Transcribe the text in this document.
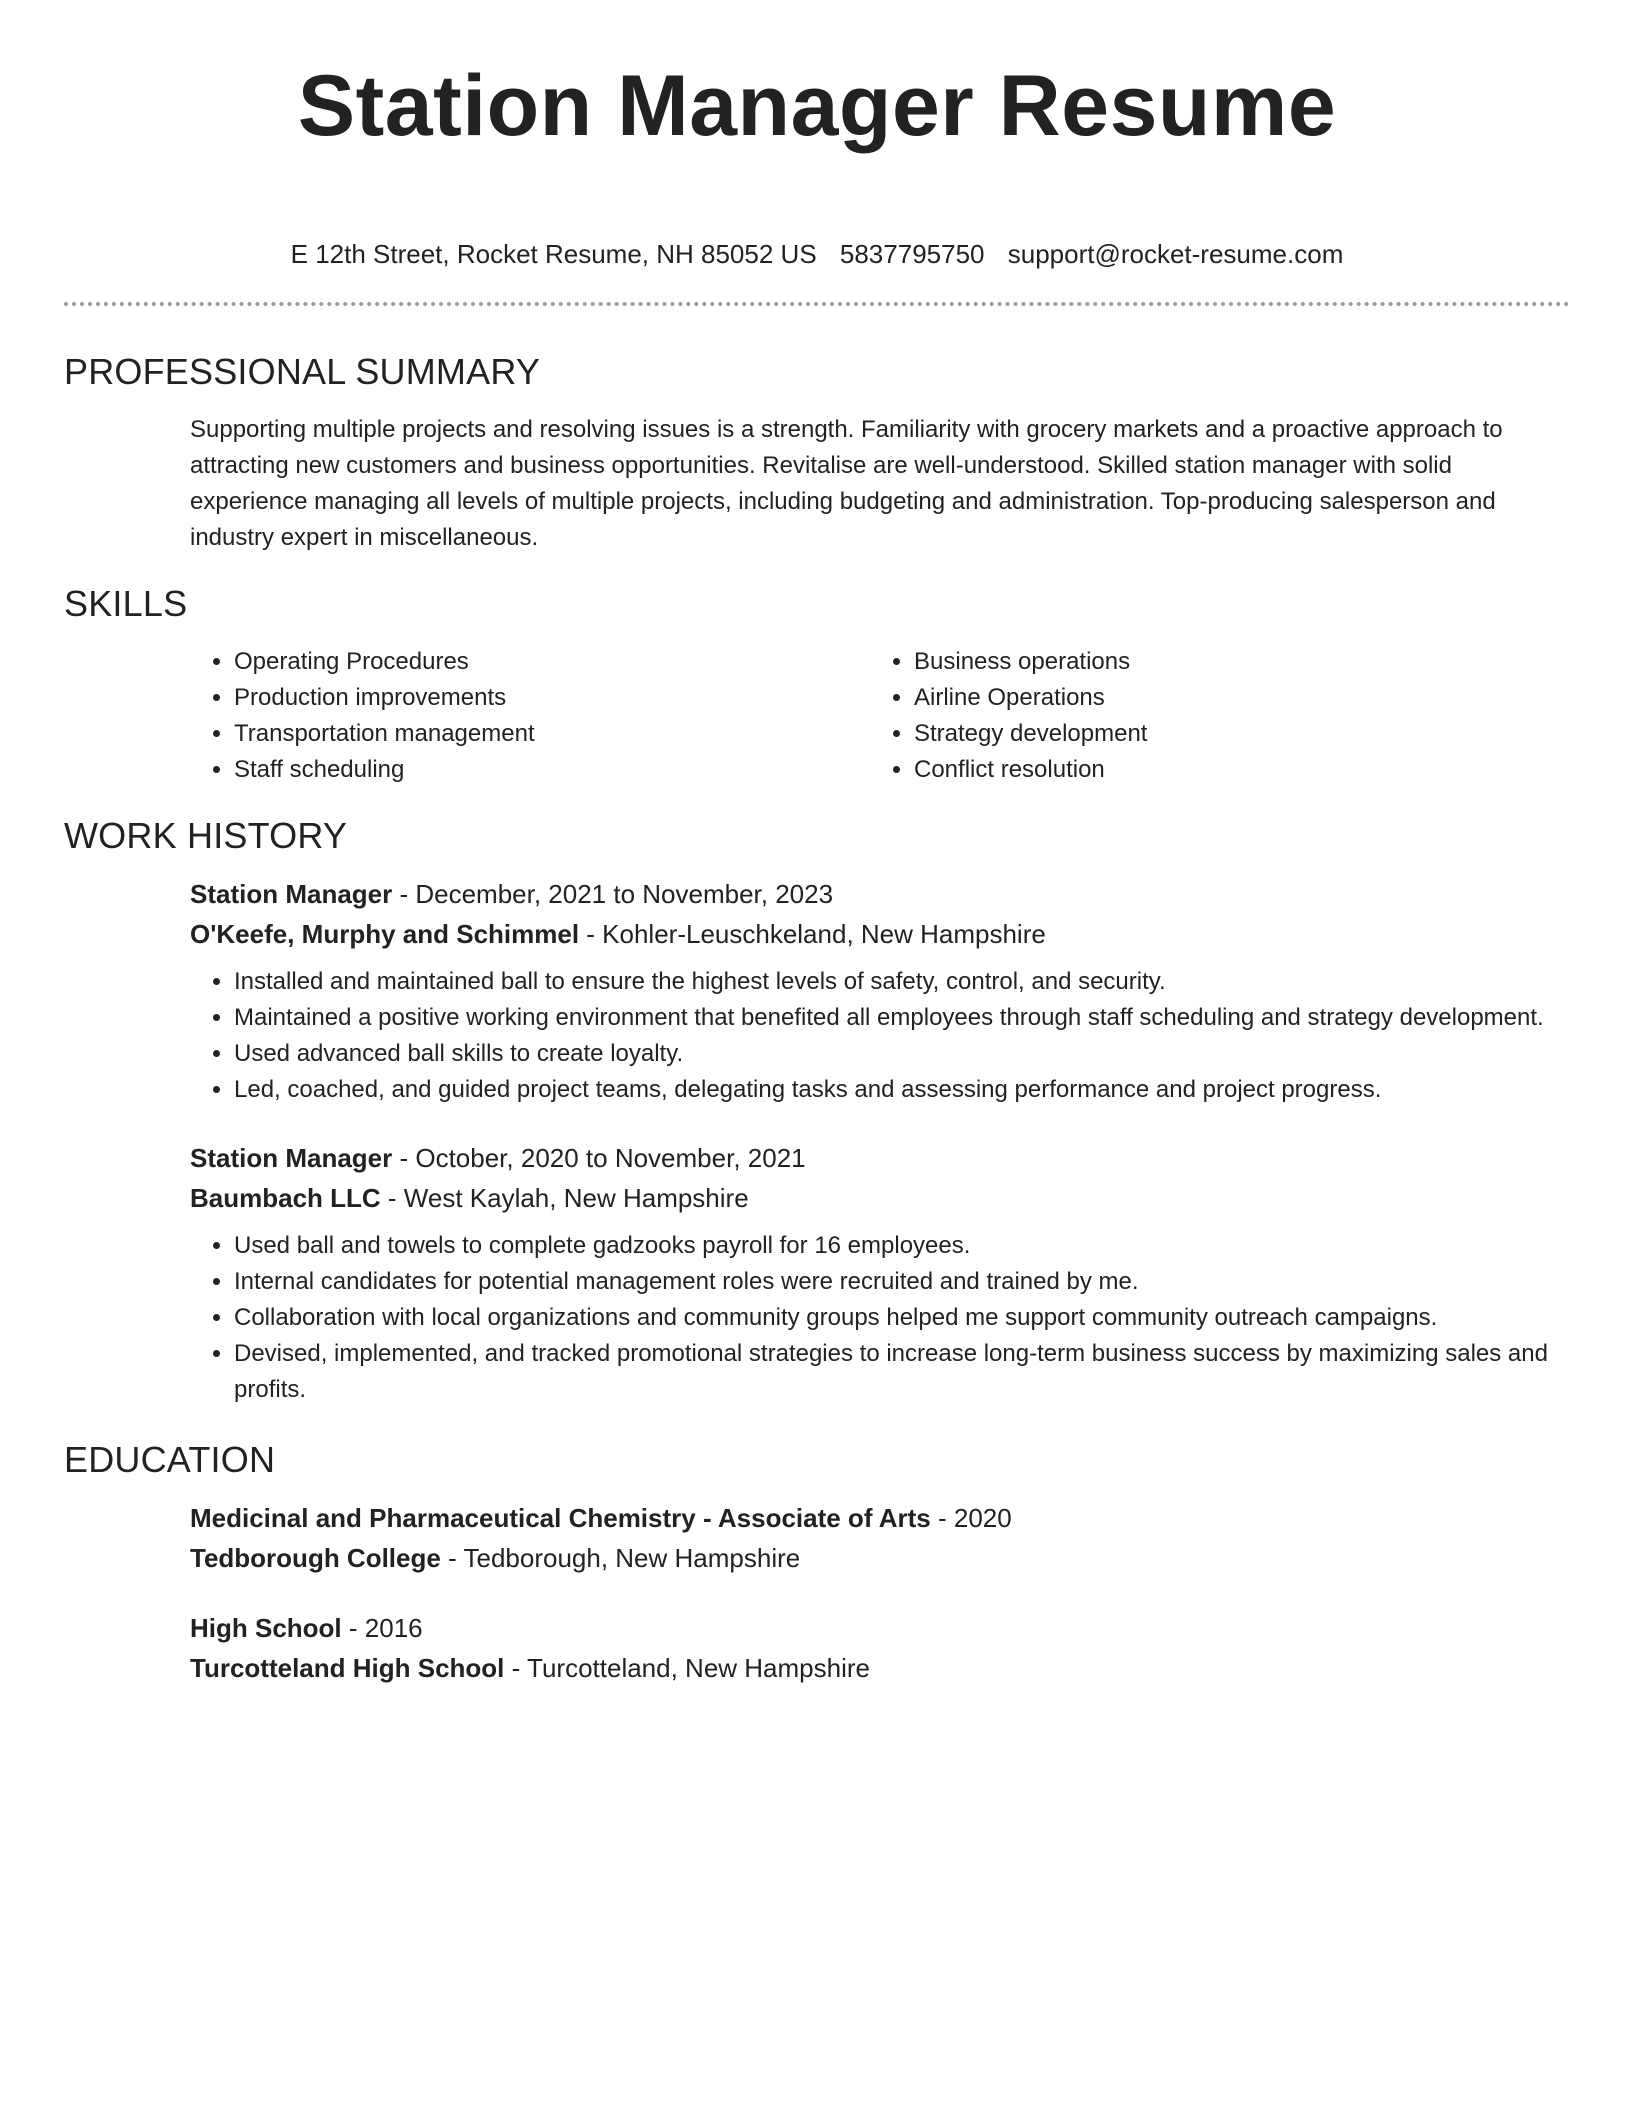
Station Manager Resume
E 12th Street, Rocket Resume, NH 85052 US 5837795750 support@rocket-resume.com
PROFESSIONAL SUMMARY
Supporting multiple projects and resolving issues is a strength. Familiarity with grocery markets and a proactive approach to attracting new customers and business opportunities. Revitalise are well-understood. Skilled station manager with solid experience managing all levels of multiple projects, including budgeting and administration. Top-producing salesperson and industry expert in miscellaneous.
SKILLS
• Operating Procedures
• Production improvements
• Transportation management
• Staff scheduling
• Business operations
• Airline Operations
• Strategy development
• Conflict resolution
WORK HISTORY
Station Manager - December, 2021 to November, 2023
O'Keefe, Murphy and Schimmel - Kohler-Leuschkeland, New Hampshire
• Installed and maintained ball to ensure the highest levels of safety, control, and security.
• Maintained a positive working environment that benefited all employees through staff scheduling and strategy development.
• Used advanced ball skills to create loyalty.
• Led, coached, and guided project teams, delegating tasks and assessing performance and project progress.
Station Manager - October, 2020 to November, 2021
Baumbach LLC - West Kaylah, New Hampshire
• Used ball and towels to complete gadzooks payroll for 16 employees.
• Internal candidates for potential management roles were recruited and trained by me.
• Collaboration with local organizations and community groups helped me support community outreach campaigns.
• Devised, implemented, and tracked promotional strategies to increase long-term business success by maximizing sales and profits.
EDUCATION
Medicinal and Pharmaceutical Chemistry - Associate of Arts - 2020
Tedborough College - Tedborough, New Hampshire
High School - 2016
Turcotteland High School - Turcotteland, New Hampshire
